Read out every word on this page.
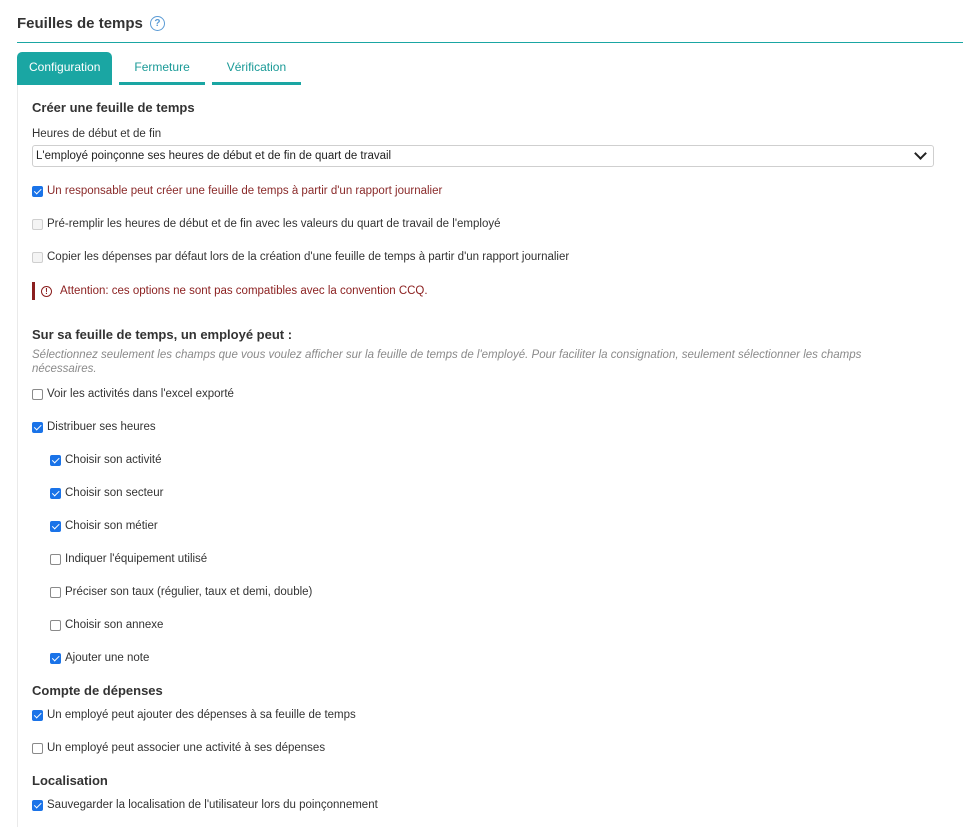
Feuilles de temps	?
Configuration	Fermeture	Vérification
Créer une feuille de temps
Heures de début et de fin
L'employé poinçonne ses heures de début et de fin de quart de travail
Un responsable peut créer une feuille de temps à partir d'un rapport journalier
Pré-remplir les heures de début et de fin avec les valeurs du quart de travail de l'employé
Copier les dépenses par défaut lors de la création d'une feuille de temps à partir d'un rapport journalier
!	Attention: ces options ne sont pas compatibles avec la convention CCQ.
Sur sa feuille de temps, un employé peut :
Sélectionnez seulement les champs que vous voulez afficher sur la feuille de temps de l'employé. Pour faciliter la consignation, seulement sélectionner les champs nécessaires.
Voir les activités dans l'excel exporté
Distribuer ses heures
Choisir son activité
Choisir son secteur
Choisir son métier
Indiquer l'équipement utilisé
Préciser son taux (régulier, taux et demi, double)
Choisir son annexe
Ajouter une note
Compte de dépenses
Un employé peut ajouter des dépenses à sa feuille de temps
Un employé peut associer une activité à ses dépenses
Localisation
Sauvegarder la localisation de l'utilisateur lors du poinçonnement
